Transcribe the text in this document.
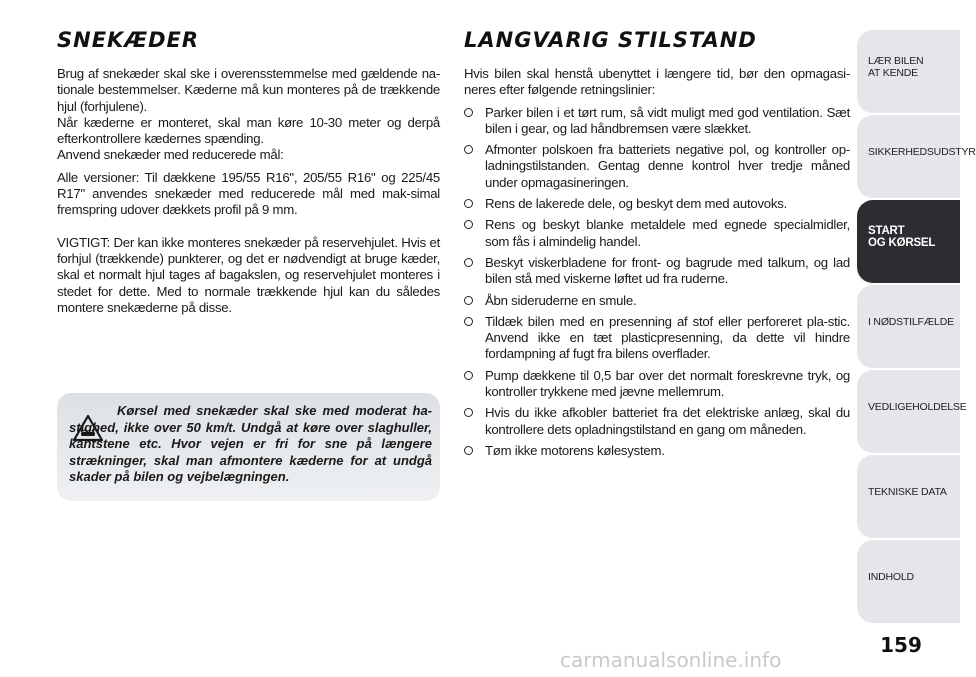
SNEKÆDER

Brug af snekæder skal ske i overensstemmelse med gældende na-tionale bestemmelser. Kæderne må kun monteres på de trækkende hjul (forhjulene).

Når kæderne er monteret, skal man køre 10-30 meter og derpå efterkontrollere kædernes spænding.

Anvend snekæder med reducerede mål:

Alle versioner: Til dækkene 195/55 R16", 205/55 R16" og 225/45 R17" anvendes snekæder med reducerede mål med mak-simal fremspring udover dækkets profil på 9 mm.

VIGTIGT: Der kan ikke monteres snekæder på reservehjulet. Hvis et forhjul (trækkende) punkterer, og det er nødvendigt at bruge kæder, skal et normalt hjul tages af bagakslen, og reservehjulet monteres i stedet for dette. Med to normale trækkende hjul kan du således montere snekæderne på disse.

Kørsel med snekæder skal ske med moderat ha-stighed, ikke over 50 km/t. Undgå at køre over slaghuller, kantstene etc. Hvor vejen er fri for sne på længere strækninger, skal man afmontere kæderne for at undgå skader på bilen og vejbelægningen.
LANGVARIG STILSTAND

Hvis bilen skal henstå ubenyttet i længere tid, bør den opmagasi-neres efter følgende retningslinier:

Parker bilen i et tørt rum, så vidt muligt med god ventilation. Sæt bilen i gear, og lad håndbremsen være slækket.
Afmonter polskoen fra batteriets negative pol, og kontroller op-ladningstilstanden. Gentag denne kontrol hver tredje måned under opmagasineringen.
Rens de lakerede dele, og beskyt dem med autovoks.
Rens og beskyt blanke metaldele med egnede specialmidler, som fås i almindelig handel.
Beskyt viskerbladene for front- og bagrude med talkum, og lad bilen stå med viskerne løftet ud fra ruderne.
Åbn sideruderne en smule.
Tildæk bilen med en presenning af stof eller perforeret pla-stic. Anvend ikke en tæt plasticpresenning, da dette vil hindre fordampning af fugt fra bilens overflader.
Pump dækkene til 0,5 bar over det normalt foreskrevne tryk, og kontroller trykkene med jævne mellemrum.
Hvis du ikke afkobler batteriet fra det elektriske anlæg, skal du kontrollere dets opladningstilstand en gang om måneden.
Tøm ikke motorens kølesystem.
LÆR BILEN
AT KENDE
SIKKERHEDSUDSTYR
START
OG KØRSEL
I NØDSTILFÆLDE
VEDLIGEHOLDELSE
TEKNISKE DATA
INDHOLD
159
carmanualsonline.info
